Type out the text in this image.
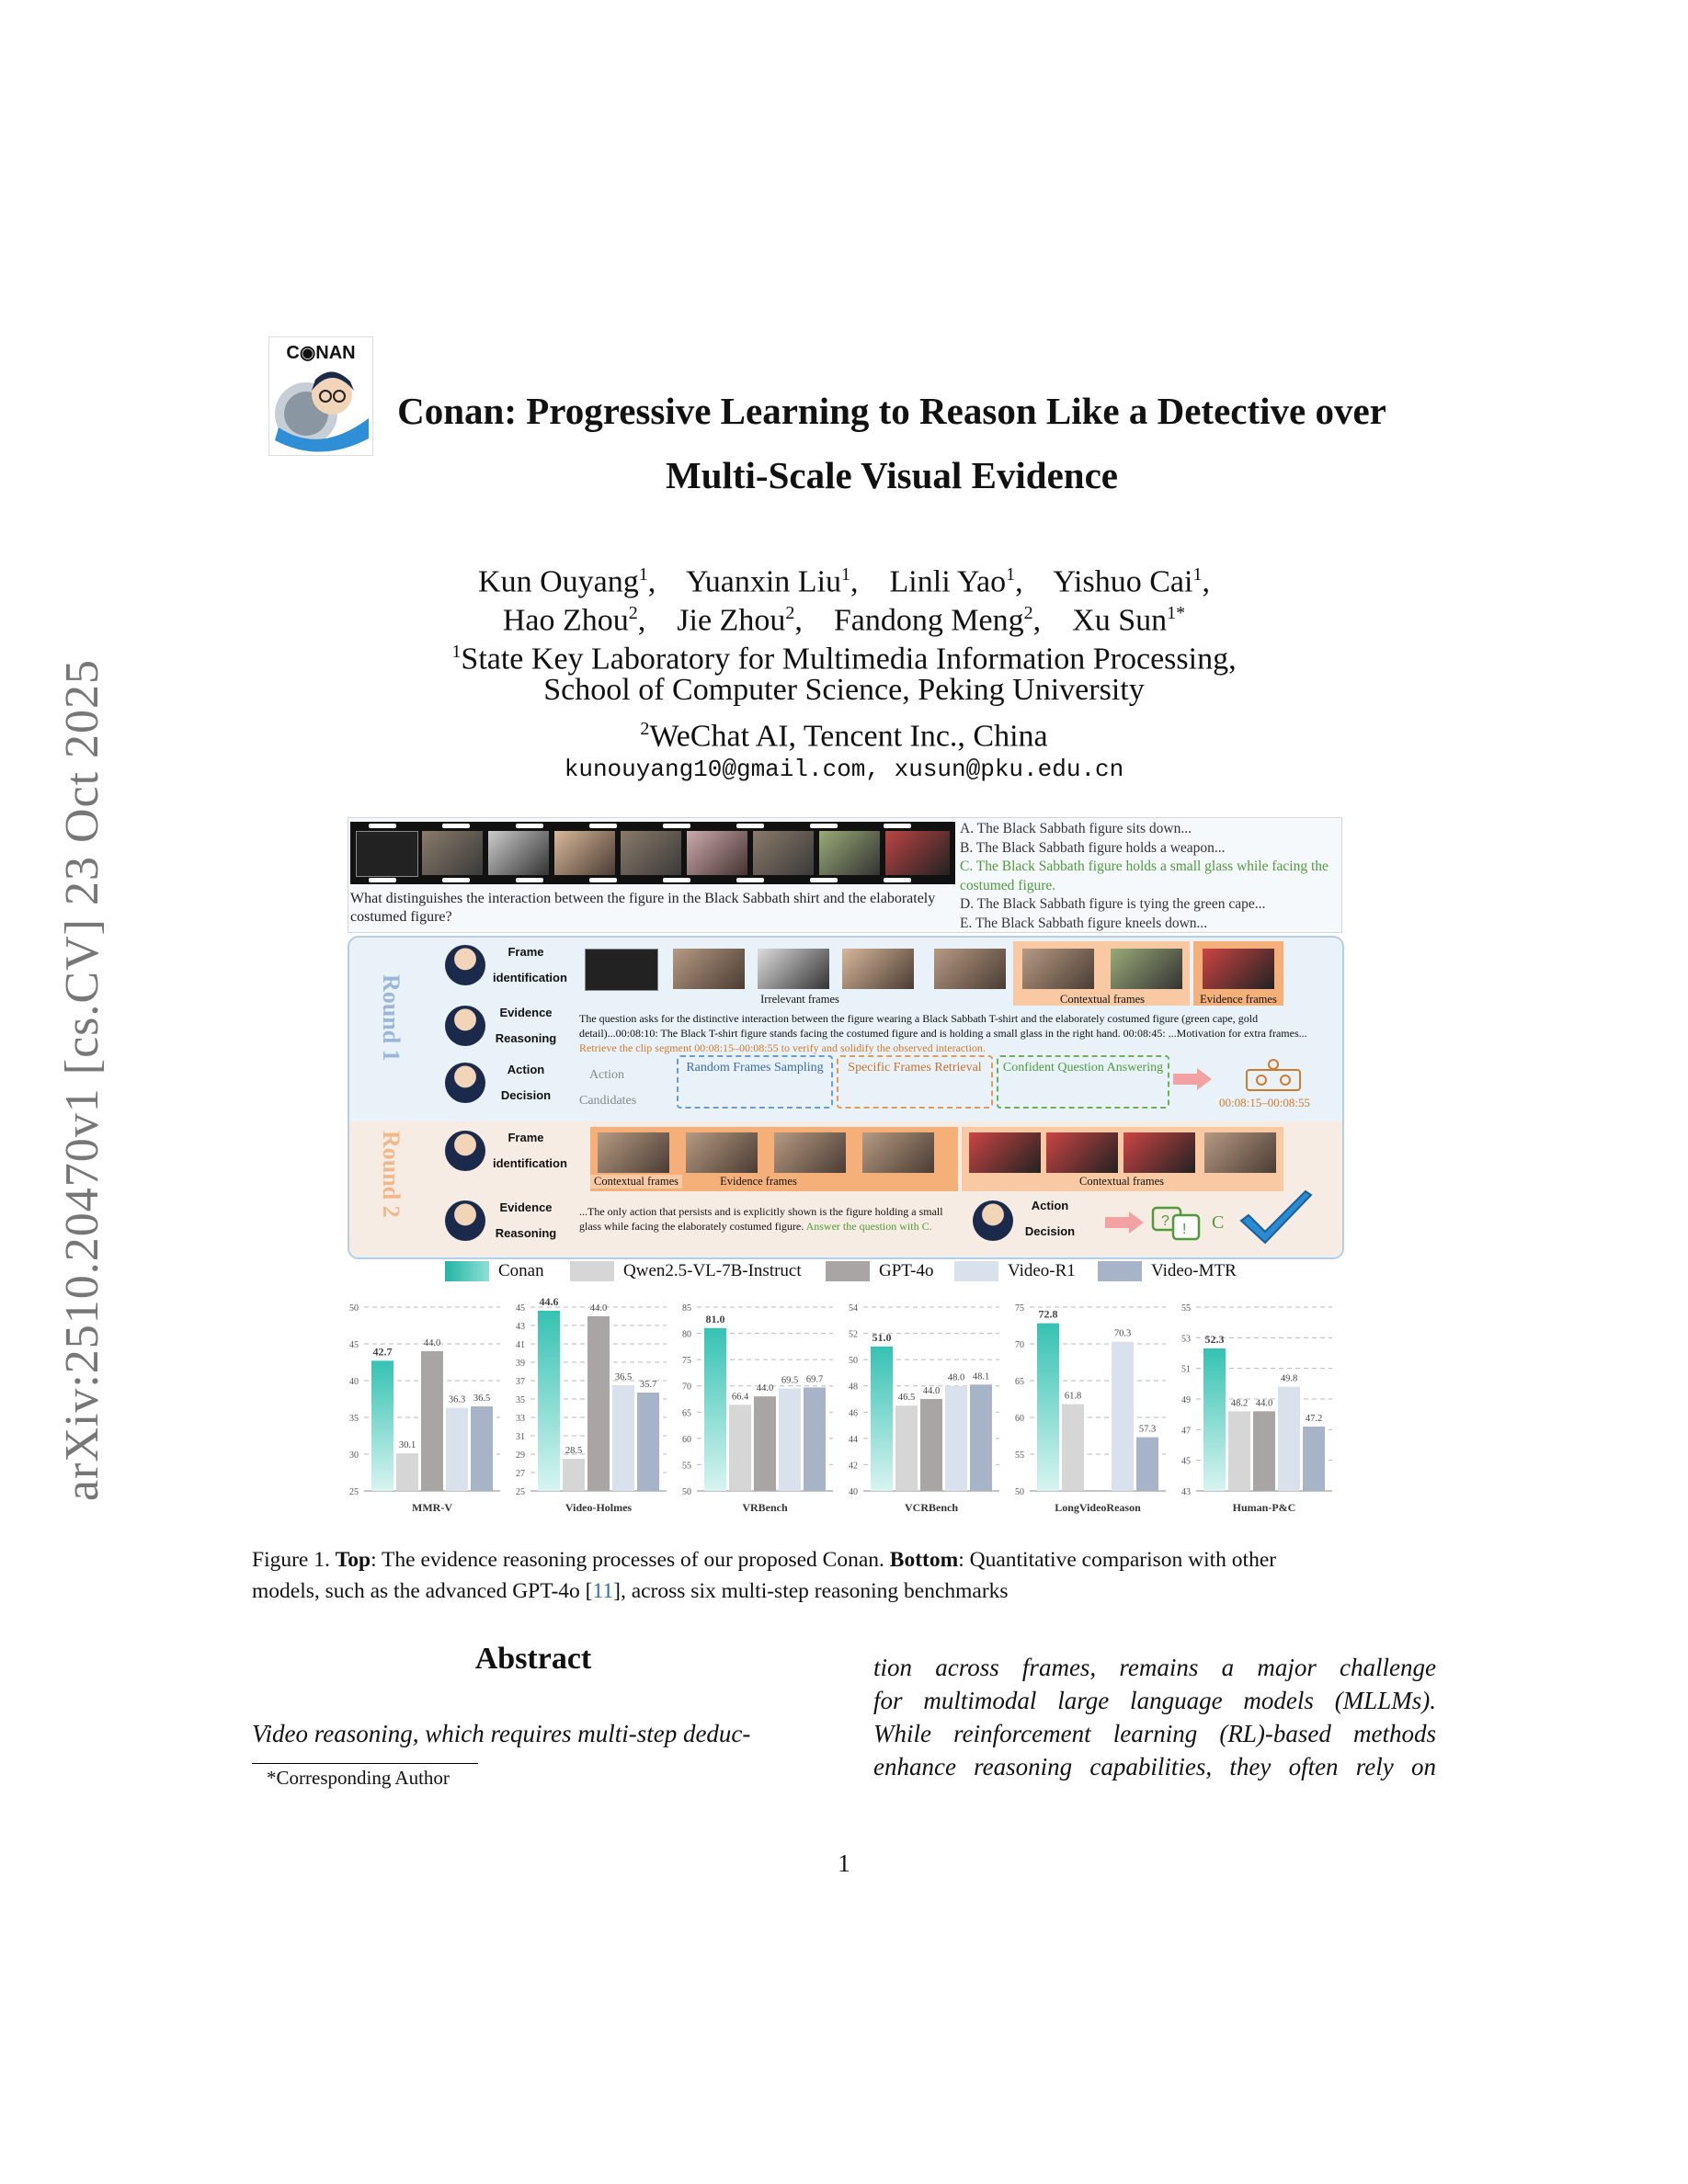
arXiv:2510.20470v1 [cs.CV] 23 Oct 2025
C◉NAN
Conan: Progressive Learning to Reason Like a Detective over
Multi-Scale Visual Evidence
Kun Ouyang$^1$,    Yuanxin Liu$^1$,    Linli Yao$^1$,    Yishuo Cai$^1$,
Hao Zhou$^2$,    Jie Zhou$^2$,    Fandong Meng$^2$,    Xu Sun$^{1*}$
$^1$State Key Laboratory for Multimedia Information Processing,
School of Computer Science, Peking University
$^2$WeChat AI, Tencent Inc., China
kunouyang10@gmail.com, xusun@pku.edu.cn
What distinguishes the interaction between the figure in the Black Sabbath shirt and the elaborately costumed figure?
A. The Black Sabbath figure sits down...
B. The Black Sabbath figure holds a weapon...
C. The Black Sabbath figure holds a small glass while facing the costumed figure.
D. The Black Sabbath figure is tying the green cape...
E. The Black Sabbath figure kneels down...
Round 1
Round 2
Frame identification
Irrelevant frames	Contextual frames	Evidence frames
Evidence Reasoning
The question asks for the distinctive interaction between the figure wearing a Black Sabbath T-shirt and the elaborately costumed figure (green cape, gold detail)...00:08:10: The Black T-shirt figure stands facing the costumed figure and is holding a small glass in the right hand. 00:08:45: ...Motivation for extra frames... Retrieve the clip segment 00:08:15–00:08:55 to verify and solidify the observed interaction.
Action Decision
Action Candidates
Random Frames Sampling	Specific Frames Retrieval	Confident Question Answering
00:08:15–00:08:55
Frame identification
Contextual frames	Evidence frames	Contextual frames
Evidence Reasoning
...The only action that persists and is explicitly shown is the figure holding a small glass while facing the elaborately costumed figure. Answer the question with C.
Action Decision
?
! C
Conan	Qwen2.5-VL-7B-Instruct	GPT-4o	Video-R1	Video-MTR
25
30
35
40
45
50
42.7
30.1
44.0
36.3 36.5
MMR-V
25
27
29
31
33
35
37
39
41
43
45
44.6
28.5
44.0
36.5
35.7
Video-Holmes
50
55
60
65
70
75
80
85
81.0
66.4
44.0
69.5 69.7
VRBench
40
42
44
46
48
50
52
54
51.0
46.5
44.0
48.0 48.1
VCRBench
50
55
60
65
70
75 72.8
61.8
70.3
57.3
LongVideoReason
43
45
47
49
51
53
55
52.3
48.2 44.0
49.8
47.2
Human-P&C
Figure 1. Top: The evidence reasoning processes of our proposed Conan. Bottom: Quantitative comparison with other
models, such as the advanced GPT-4o [11], across six multi-step reasoning benchmarks
Abstract
Video reasoning, which requires multi-step deduc-
tion across frames, remains a major challenge
for multimodal large language models (MLLMs).
While reinforcement learning (RL)-based methods
enhance reasoning capabilities, they often rely on
*Corresponding Author
1
